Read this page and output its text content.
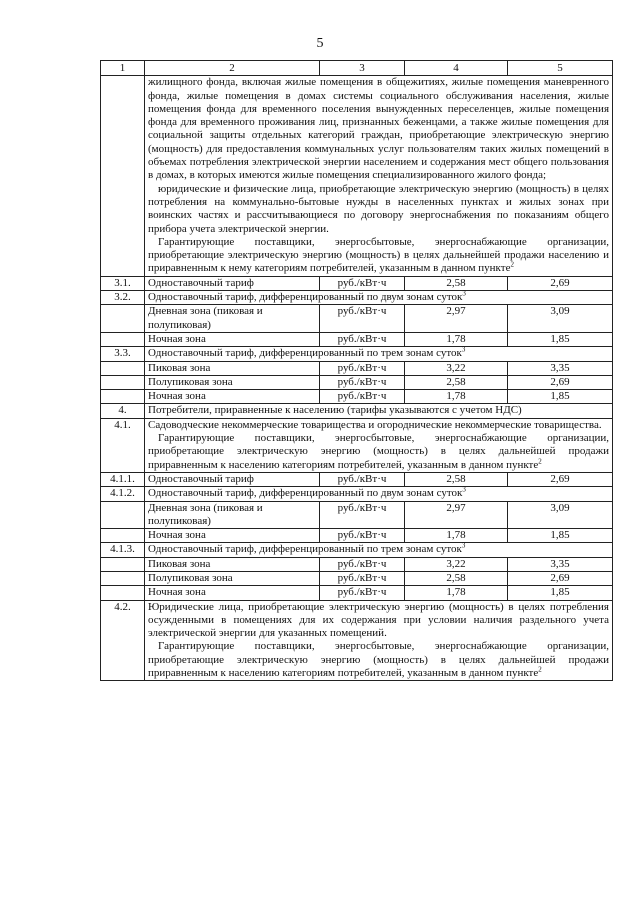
5
1	2	3	4	5
	жилищного фонда, включая жилые помещения в общежитиях, жилые помещения маневренного фонда, жилые помещения в домах системы социального обслуживания населения, жилые помещения фонда для временного поселения вынужденных переселенцев, жилые помещения фонда для временного проживания лиц, признанных беженцами, а также жилые помещения для социальной защиты отдельных категорий граждан, приобретающие электрическую энергию (мощность) для предоставления коммунальных услуг пользователям таких жилых помещений в объемах потребления электрической энергии населением и содержания мест общего пользования в домах, в которых имеются жилые помещения специализированного жилого фонда;
юридические и физические лица, приобретающие электрическую энергию (мощность) в целях потребления на коммунально-бытовые нужды в населенных пунктах и жилых зонах при воинских частях и рассчитывающиеся по договору энергоснабжения по показаниям общего прибора учета электрической энергии.
Гарантирующие поставщики, энергосбытовые, энергоснабжающие организации, приобретающие электрическую энергию (мощность) в целях дальнейшей продажи населению и приравненным к нему категориям потребителей, указанным в данном пункте$^2$

3.1.	Одноставочный тариф	руб./кВт·ч	2,58	2,69
3.2.	Одноставочный тариф, дифференцированный по двум зонам суток$^3$
	Дневная зона (пиковая и полупиковая)	руб./кВт·ч	2,97	3,09
	Ночная зона	руб./кВт·ч	1,78	1,85
3.3.	Одноставочный тариф, дифференцированный по трем зонам суток$^3$
	Пиковая зона	руб./кВт·ч	3,22	3,35
	Полупиковая зона	руб./кВт·ч	2,58	2,69
	Ночная зона	руб./кВт·ч	1,78	1,85
4.	Потребители, приравненные к населению (тарифы указываются с учетом НДС)			
4.1.	Садоводческие некоммерческие товарищества и огороднические некоммерческие товарищества.
Гарантирующие поставщики, энергосбытовые, энергоснабжающие организации, приобретающие электрическую энергию (мощность) в целях дальнейшей продажи приравненным к населению категориям потребителей, указанным в данном пункте$^2$

4.1.1.	Одноставочный тариф	руб./кВт·ч	2,58	2,69
4.1.2.	Одноставочный тариф, дифференцированный по двум зонам суток$^3$
	Дневная зона (пиковая и полупиковая)	руб./кВт·ч	2,97	3,09
	Ночная зона	руб./кВт·ч	1,78	1,85
4.1.3.	Одноставочный тариф, дифференцированный по трем зонам суток$^3$
	Пиковая зона	руб./кВт·ч	3,22	3,35
	Полупиковая зона	руб./кВт·ч	2,58	2,69
	Ночная зона	руб./кВт·ч	1,78	1,85
4.2.	Юридические лица, приобретающие электрическую энергию (мощность) в целях потребления осужденными в помещениях для их содержания при условии наличия раздельного учета электрической энергии для указанных помещений.
Гарантирующие поставщики, энергосбытовые, энергоснабжающие организации, приобретающие электрическую энергию (мощность) в целях дальнейшей продажи приравненным к населению категориям потребителей, указанным в данном пункте$^2$
